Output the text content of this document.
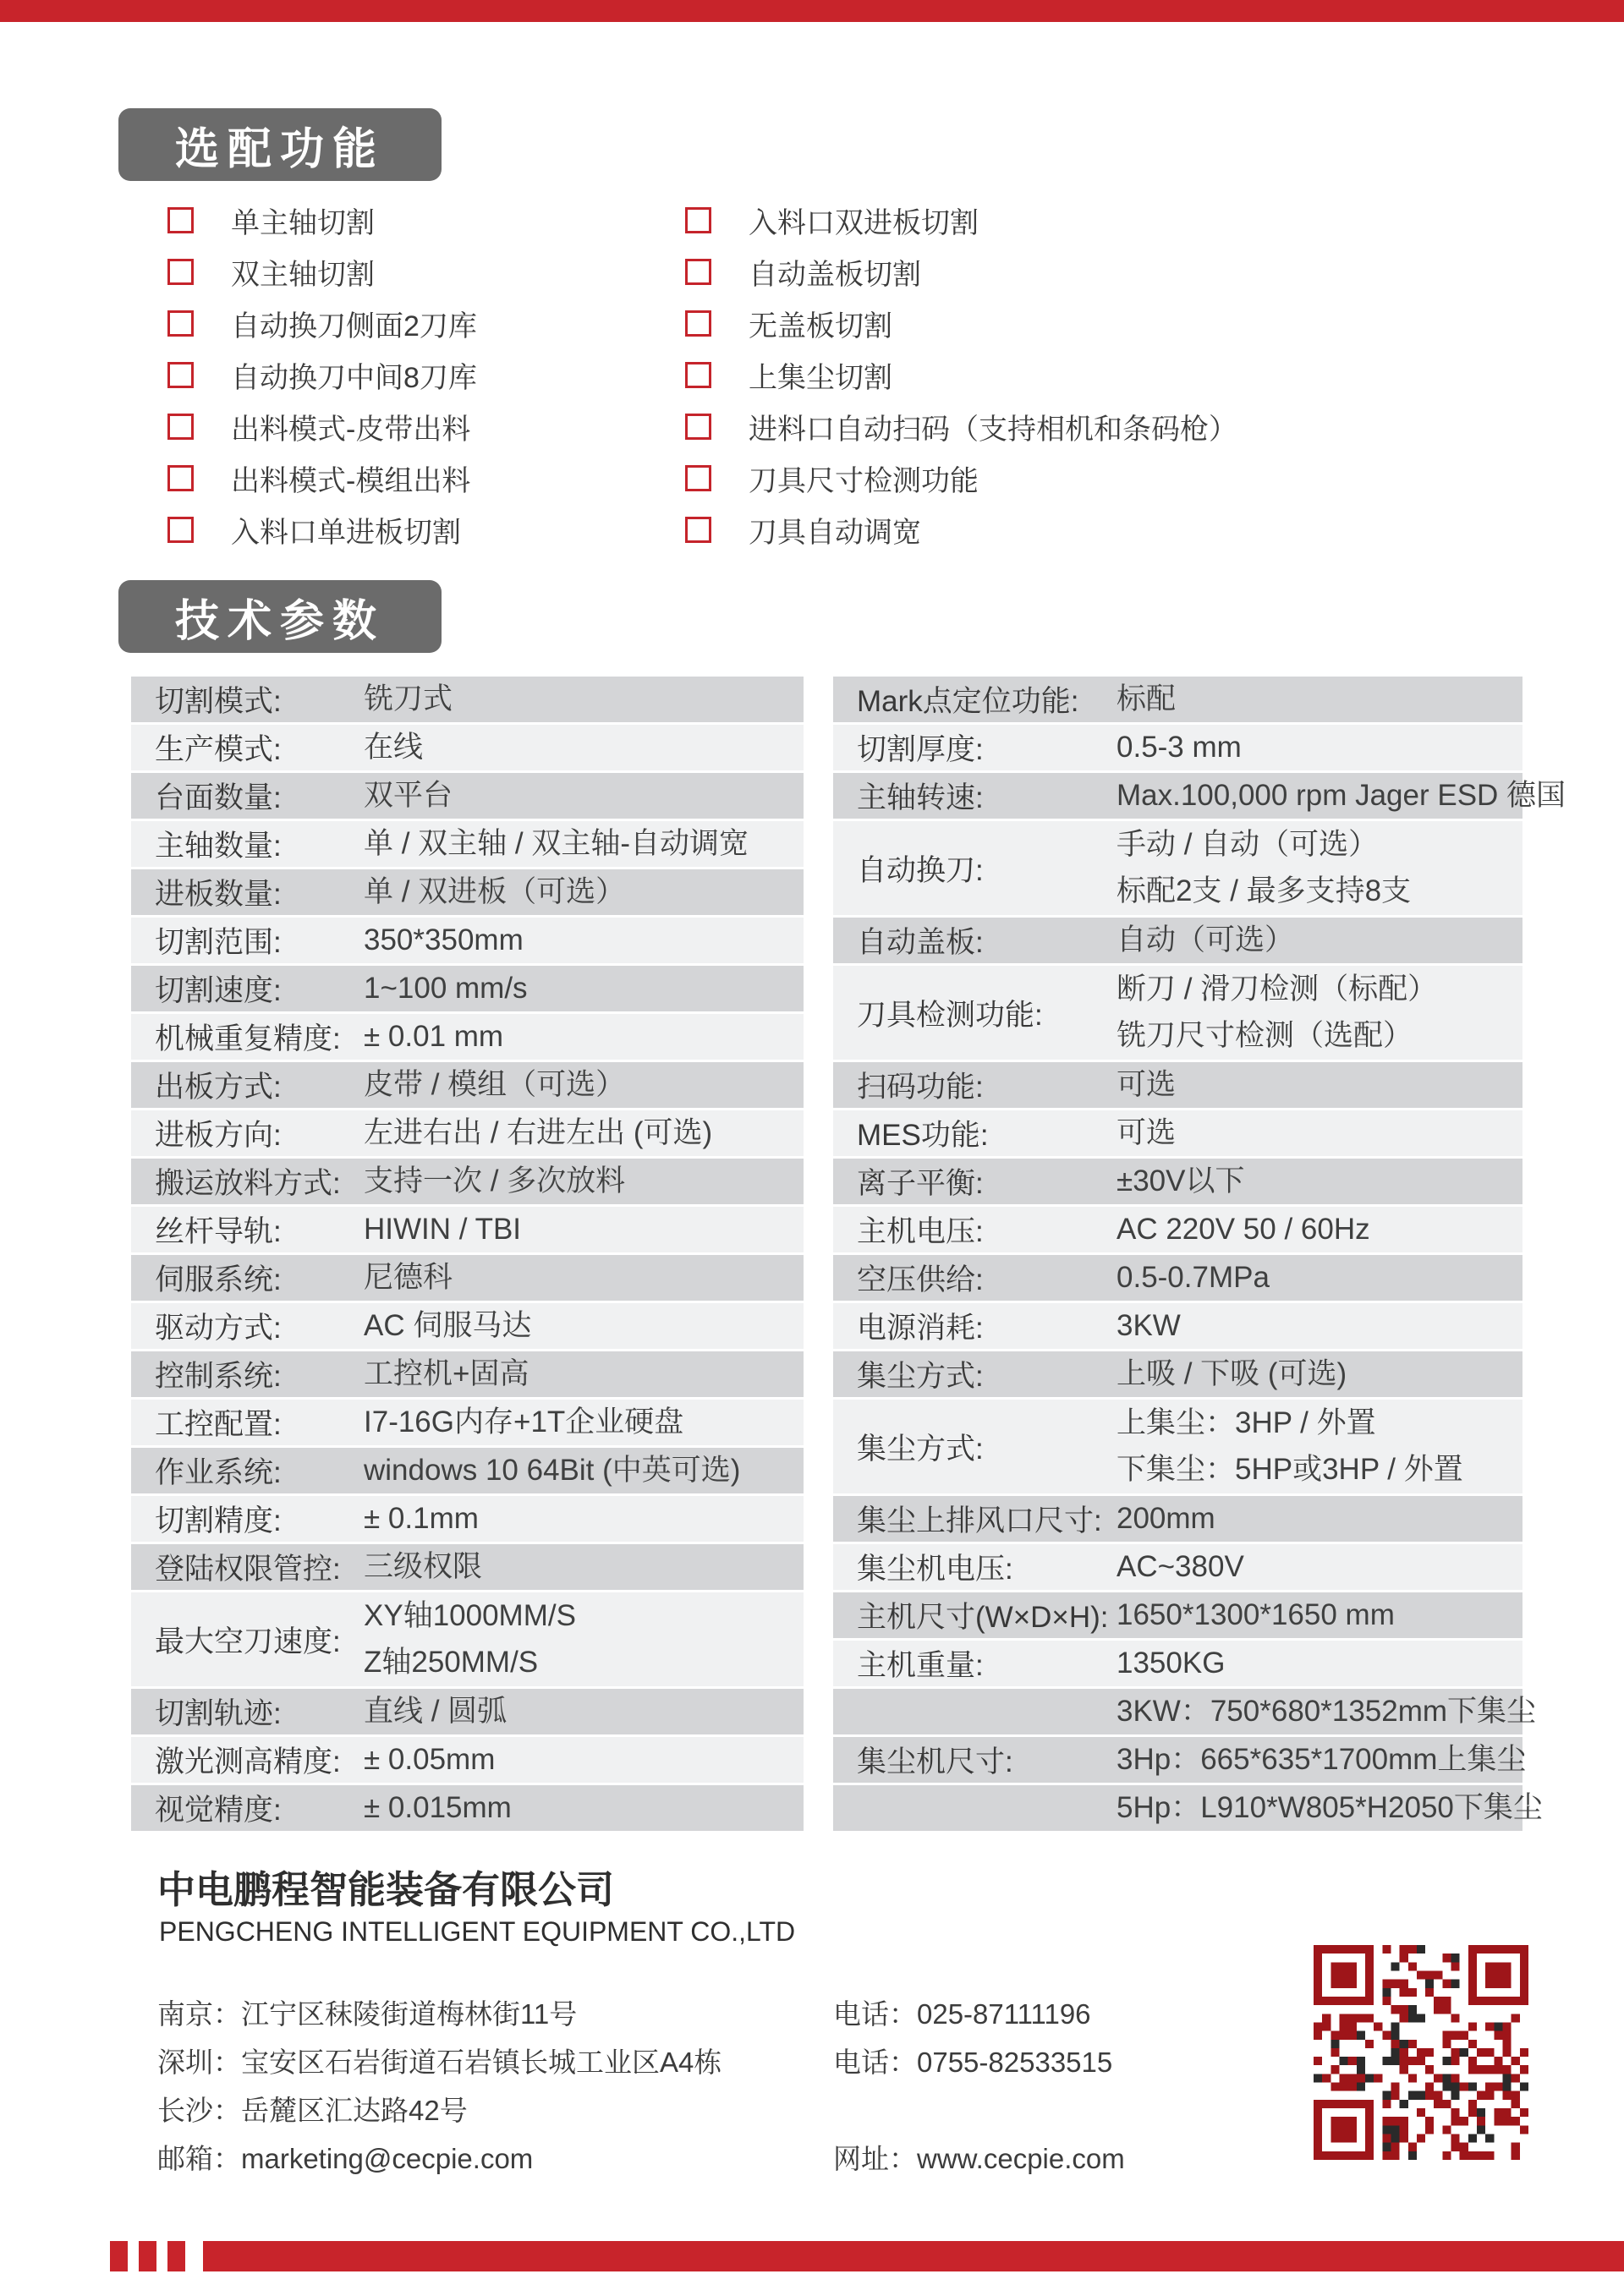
选配功能
单主轴切割
双主轴切割
自动换刀侧面2刀库
自动换刀中间8刀库
出料模式-皮带出料
出料模式-模组出料
入料口单进板切割
入料口双进板切割
自动盖板切割
无盖板切割
上集尘切割
进料口自动扫码（支持相机和条码枪）
刀具尺寸检测功能
刀具自动调宽
技术参数
切割模式:	铣刀式
生产模式:	在线
台面数量:	双平台
主轴数量:	单 / 双主轴 / 双主轴-自动调宽
进板数量:	单 / 双进板（可选）
切割范围:	350*350mm
切割速度:	1~100 mm/s
机械重复精度: ± 0.01 mm
出板方式:	皮带 / 模组（可选）
进板方向:	左进右出 / 右进左出 (可选)
搬运放料方式: 支持一次 / 多次放料
丝杆导轨:	HIWIN / TBI
伺服系统:	尼德科
驱动方式:	AC 伺服马达
控制系统:	工控机+固高
工控配置:	I7-16G内存+1T企业硬盘
作业系统:	windows 10 64Bit (中英可选)
切割精度:	± 0.1mm
登陆权限管控: 三级权限
最大空刀速度:
XY轴1000MM/S
Z轴250MM/S
切割轨迹:	直线 / 圆弧
激光测高精度: ± 0.05mm
视觉精度:	± 0.015mm
Mark点定位功能:	标配
切割厚度:	0.5-3 mm
主轴转速:	Max.100,000 rpm Jager ESD 德国
自动换刀:
手动 / 自动（可选）
标配2支 / 最多支持8支
自动盖板:	自动（可选）
刀具检测功能:
断刀 / 滑刀检测（标配）
铣刀尺寸检测（选配）
扫码功能:	可选
MES功能:	可选
离子平衡:	±30V以下
主机电压:	AC 220V 50 / 60Hz
空压供给:	0.5-0.7MPa
电源消耗:	3KW
集尘方式:	上吸 / 下吸 (可选)
集尘方式:
上集尘：3HP / 外置
下集尘：5HP或3HP / 外置
集尘上排风口尺寸: 200mm
集尘机电压:	AC~380V
主机尺寸(W×D×H): 1650*1300*1650 mm
主机重量:	1350KG
3KW：750*680*1352mm下集尘
集尘机尺寸:	3Hp：665*635*1700mm上集尘
5Hp：L910*W805*H2050下集尘
中电鹏程智能装备有限公司
PENGCHENG INTELLIGENT EQUIPMENT CO.,LTD
南京：江宁区秣陵街道梅林街11号	电话：025-87111196
深圳：宝安区石岩街道石岩镇长城工业区A4栋	电话：0755-82533515
长沙：岳麓区汇达路42号
邮箱：marketing@cecpie.com	网址：www.cecpie.com
